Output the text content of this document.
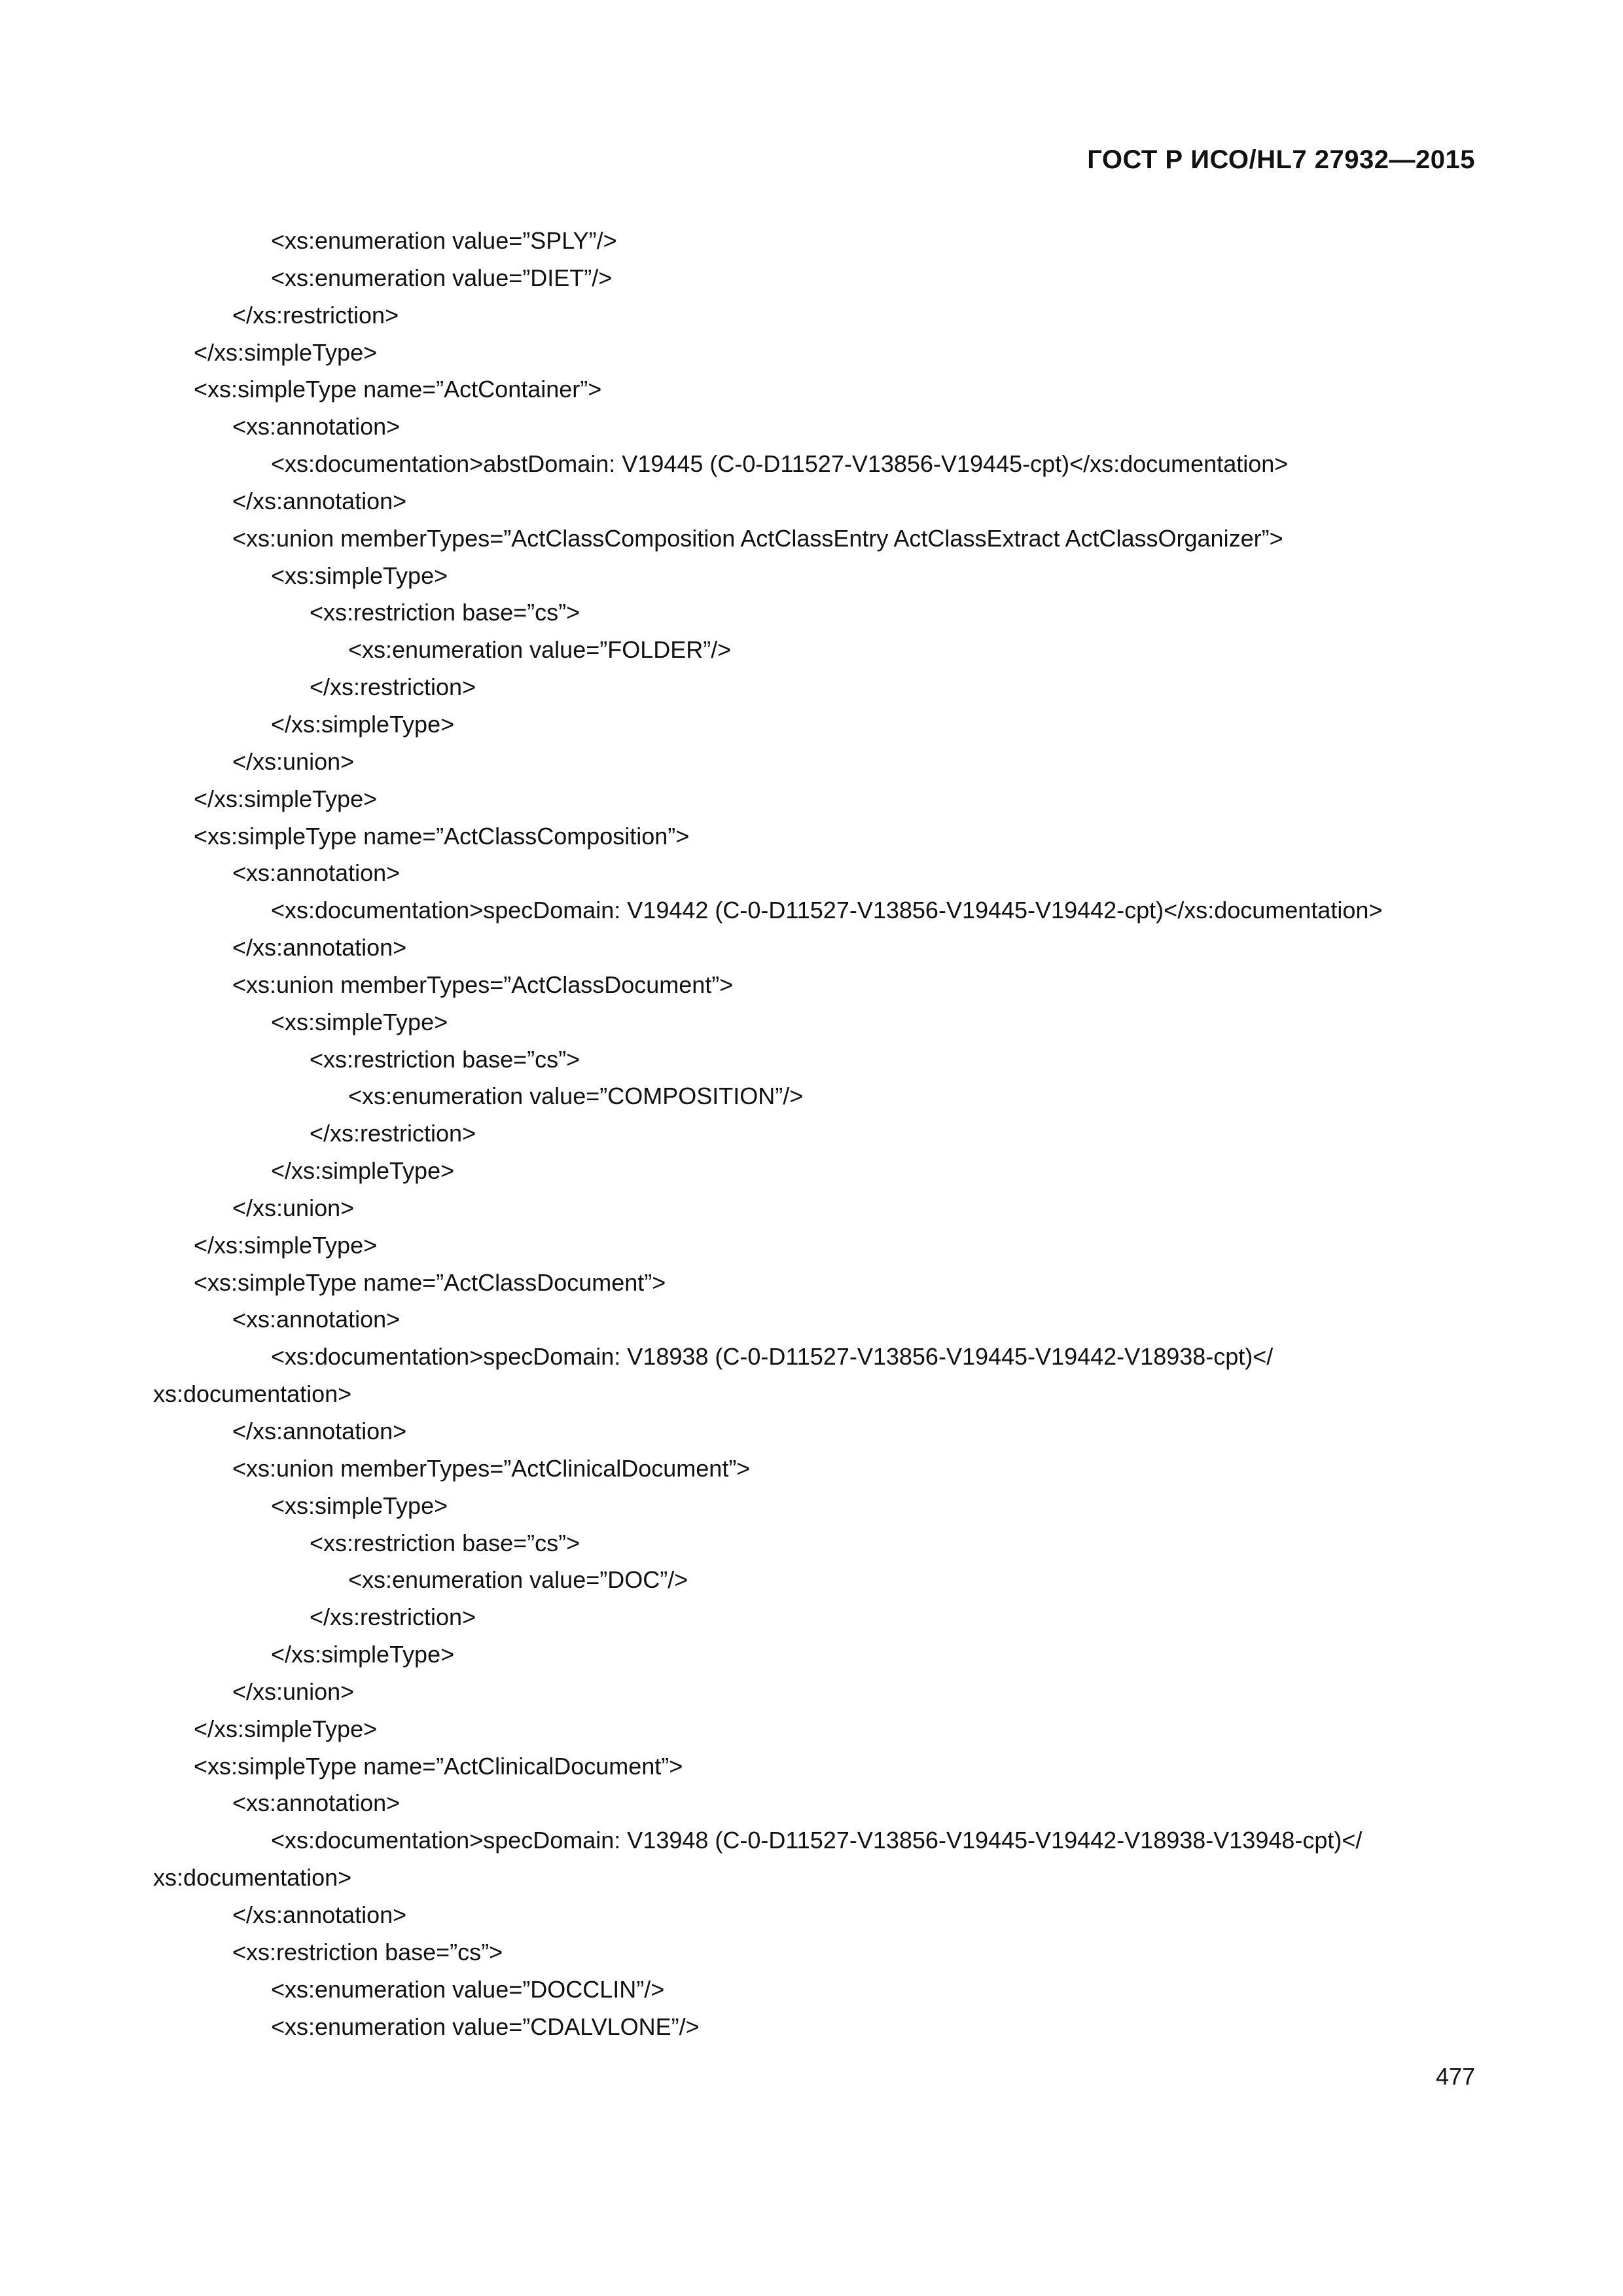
ГОСТ Р ИСО/HL7 27932—2015
<xs:enumeration value=”SPLY”/>
<xs:enumeration value=”DIET”/>
</xs:restriction>
</xs:simpleType>
<xs:simpleType name=”ActContainer”>
<xs:annotation>
<xs:documentation>abstDomain: V19445 (C-0-D11527-V13856-V19445-cpt)</xs:documentation>
</xs:annotation>
<xs:union memberTypes=”ActClassComposition ActClassEntry ActClassExtract ActClassOrganizer”>
<xs:simpleType>
<xs:restriction base=”cs”>
<xs:enumeration value=”FOLDER”/>
</xs:restriction>
</xs:simpleType>
</xs:union>
</xs:simpleType>
<xs:simpleType name=”ActClassComposition”>
<xs:annotation>
<xs:documentation>specDomain: V19442 (C-0-D11527-V13856-V19445-V19442-cpt)</xs:documentation>
</xs:annotation>
<xs:union memberTypes=”ActClassDocument”>
<xs:simpleType>
<xs:restriction base=”cs”>
<xs:enumeration value=”COMPOSITION”/>
</xs:restriction>
</xs:simpleType>
</xs:union>
</xs:simpleType>
<xs:simpleType name=”ActClassDocument”>
<xs:annotation>
<xs:documentation>specDomain: V18938 (C-0-D11527-V13856-V19445-V19442-V18938-cpt)</
xs:documentation>
</xs:annotation>
<xs:union memberTypes=”ActClinicalDocument”>
<xs:simpleType>
<xs:restriction base=”cs”>
<xs:enumeration value=”DOC”/>
</xs:restriction>
</xs:simpleType>
</xs:union>
</xs:simpleType>
<xs:simpleType name=”ActClinicalDocument”>
<xs:annotation>
<xs:documentation>specDomain: V13948 (C-0-D11527-V13856-V19445-V19442-V18938-V13948-cpt)</
xs:documentation>
</xs:annotation>
<xs:restriction base=”cs”>
<xs:enumeration value=”DOCCLIN”/>
<xs:enumeration value=”CDALVLONE”/>
477
